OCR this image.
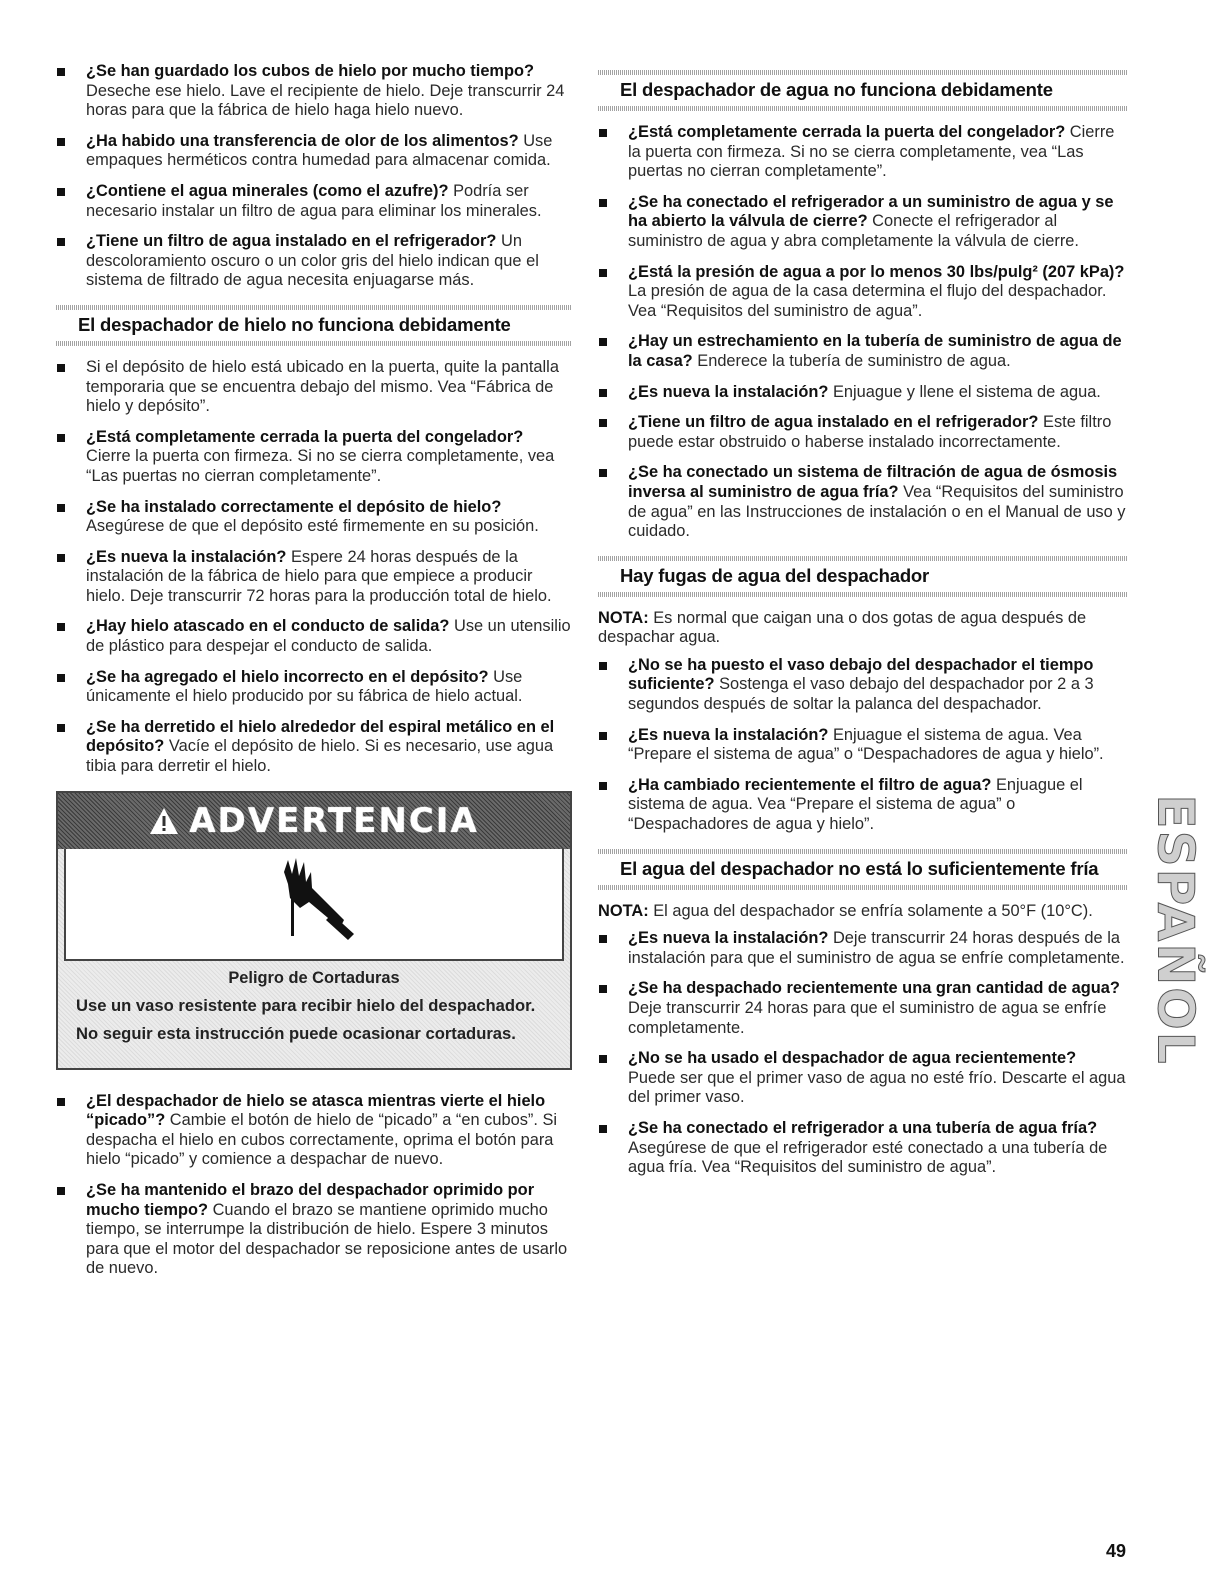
¿Se han guardado los cubos de hielo por mucho tiempo? Deseche ese hielo. Lave el recipiente de hielo. Deje transcurrir 24 horas para que la fábrica de hielo haga hielo nuevo.
¿Ha habido una transferencia de olor de los alimentos? Use empaques herméticos contra humedad para almacenar comida.
¿Contiene el agua minerales (como el azufre)? Podría ser necesario instalar un filtro de agua para eliminar los minerales.
¿Tiene un filtro de agua instalado en el refrigerador? Un descoloramiento oscuro o un color gris del hielo indican que el sistema de filtrado de agua necesita enjuagarse más.
El despachador de hielo no funciona debidamente
Si el depósito de hielo está ubicado en la puerta, quite la pantalla temporaria que se encuentra debajo del mismo. Vea “Fábrica de hielo y depósito”.
¿Está completamente cerrada la puerta del congelador? Cierre la puerta con firmeza. Si no se cierra completamente, vea “Las puertas no cierran completamente”.
¿Se ha instalado correctamente el depósito de hielo? Asegúrese de que el depósito esté firmemente en su posición.
¿Es nueva la instalación? Espere 24 horas después de la instalación de la fábrica de hielo para que empiece a producir hielo. Deje transcurrir 72 horas para la producción total de hielo.
¿Hay hielo atascado en el conducto de salida? Use un utensilio de plástico para despejar el conducto de salida.
¿Se ha agregado el hielo incorrecto en el depósito? Use únicamente el hielo producido por su fábrica de hielo actual.
¿Se ha derretido el hielo alrededor del espiral metálico en el depósito? Vacíe el depósito de hielo. Si es necesario, use agua tibia para derretir el hielo.
ADVERTENCIA
Peligro de Cortaduras
Use un vaso resistente para recibir hielo del despachador.
No seguir esta instrucción puede ocasionar cortaduras.
¿El despachador de hielo se atasca mientras vierte el hielo “picado”? Cambie el botón de hielo de “picado” a “en cubos”. Si despacha el hielo en cubos correctamente, oprima el botón para hielo “picado” y comience a despachar de nuevo.
¿Se ha mantenido el brazo del despachador oprimido por mucho tiempo? Cuando el brazo se mantiene oprimido mucho tiempo, se interrumpe la distribución de hielo. Espere 3 minutos para que el motor del despachador se reposicione antes de usarlo de nuevo.
El despachador de agua no funciona debidamente
¿Está completamente cerrada la puerta del congelador? Cierre la puerta con firmeza. Si no se cierra completamente, vea “Las puertas no cierran completamente”.
¿Se ha conectado el refrigerador a un suministro de agua y se ha abierto la válvula de cierre? Conecte el refrigerador al suministro de agua y abra completamente la válvula de cierre.
¿Está la presión de agua a por lo menos 30 lbs/pulg² (207 kPa)? La presión de agua de la casa determina el flujo del despachador. Vea “Requisitos del suministro de agua”.
¿Hay un estrechamiento en la tubería de suministro de agua de la casa? Enderece la tubería de suministro de agua.
¿Es nueva la instalación? Enjuague y llene el sistema de agua.
¿Tiene un filtro de agua instalado en el refrigerador? Este filtro puede estar obstruido o haberse instalado incorrectamente.
¿Se ha conectado un sistema de filtración de agua de ósmosis inversa al suministro de agua fría? Vea “Requisitos del suministro de agua” en las Instrucciones de instalación o en el Manual de uso y cuidado.
Hay fugas de agua del despachador
NOTA: Es normal que caigan una o dos gotas de agua después de despachar agua.
¿No se ha puesto el vaso debajo del despachador el tiempo suficiente? Sostenga el vaso debajo del despachador por 2 a 3 segundos después de soltar la palanca del despachador.
¿Es nueva la instalación? Enjuague el sistema de agua. Vea “Prepare el sistema de agua” o “Despachadores de agua y hielo”.
¿Ha cambiado recientemente el filtro de agua? Enjuague el sistema de agua. Vea “Prepare el sistema de agua” o “Despachadores de agua y hielo”.
El agua del despachador no está lo suficientemente fría
NOTA: El agua del despachador se enfría solamente a 50°F (10°C).
¿Es nueva la instalación? Deje transcurrir 24 horas después de la instalación para que el suministro de agua se enfríe completamente.
¿Se ha despachado recientemente una gran cantidad de agua? Deje transcurrir 24 horas para que el suministro de agua se enfríe completamente.
¿No se ha usado el despachador de agua recientemente? Puede ser que el primer vaso de agua no esté frío. Descarte el agua del primer vaso.
¿Se ha conectado el refrigerador a una tubería de agua fría? Asegúrese de que el refrigerador esté conectado a una tubería de agua fría. Vea “Requisitos del suministro de agua”.
ESPAÑOL
49
